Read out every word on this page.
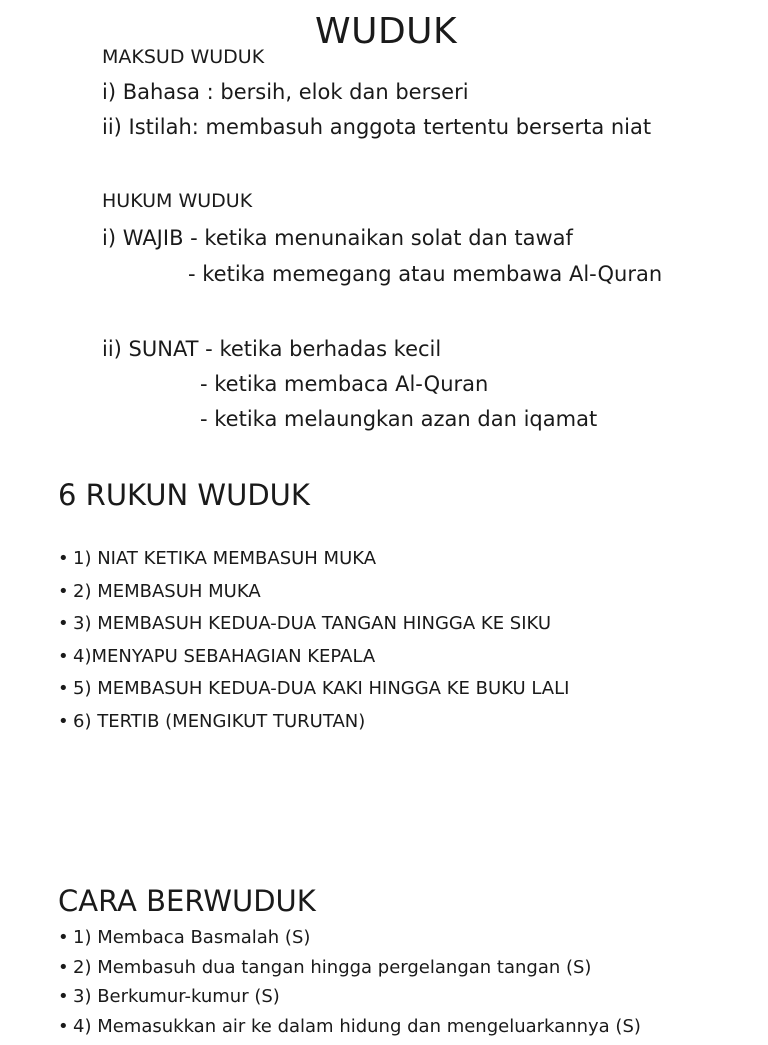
WUDUK
MAKSUD WUDUK
i) Bahasa : bersih, elok dan berseri
ii) Istilah: membasuh anggota tertentu berserta niat
HUKUM WUDUK
i) WAJIB - ketika menunaikan solat dan tawaf
- ketika memegang atau membawa Al-Quran
ii) SUNAT - ketika berhadas kecil
- ketika membaca Al-Quran
- ketika melaungkan azan dan iqamat
6 RUKUN WUDUK
• 1) NIAT KETIKA MEMBASUH MUKA
• 2) MEMBASUH MUKA
• 3) MEMBASUH KEDUA-DUA TANGAN HINGGA KE SIKU
• 4)MENYAPU SEBAHAGIAN KEPALA
• 5) MEMBASUH KEDUA-DUA KAKI HINGGA KE BUKU LALI
• 6) TERTIB (MENGIKUT TURUTAN)
CARA BERWUDUK
• 1) Membaca Basmalah (S)
• 2) Membasuh dua tangan hingga pergelangan tangan (S)
• 3) Berkumur-kumur (S)
• 4) Memasukkan air ke dalam hidung dan mengeluarkannya (S)
